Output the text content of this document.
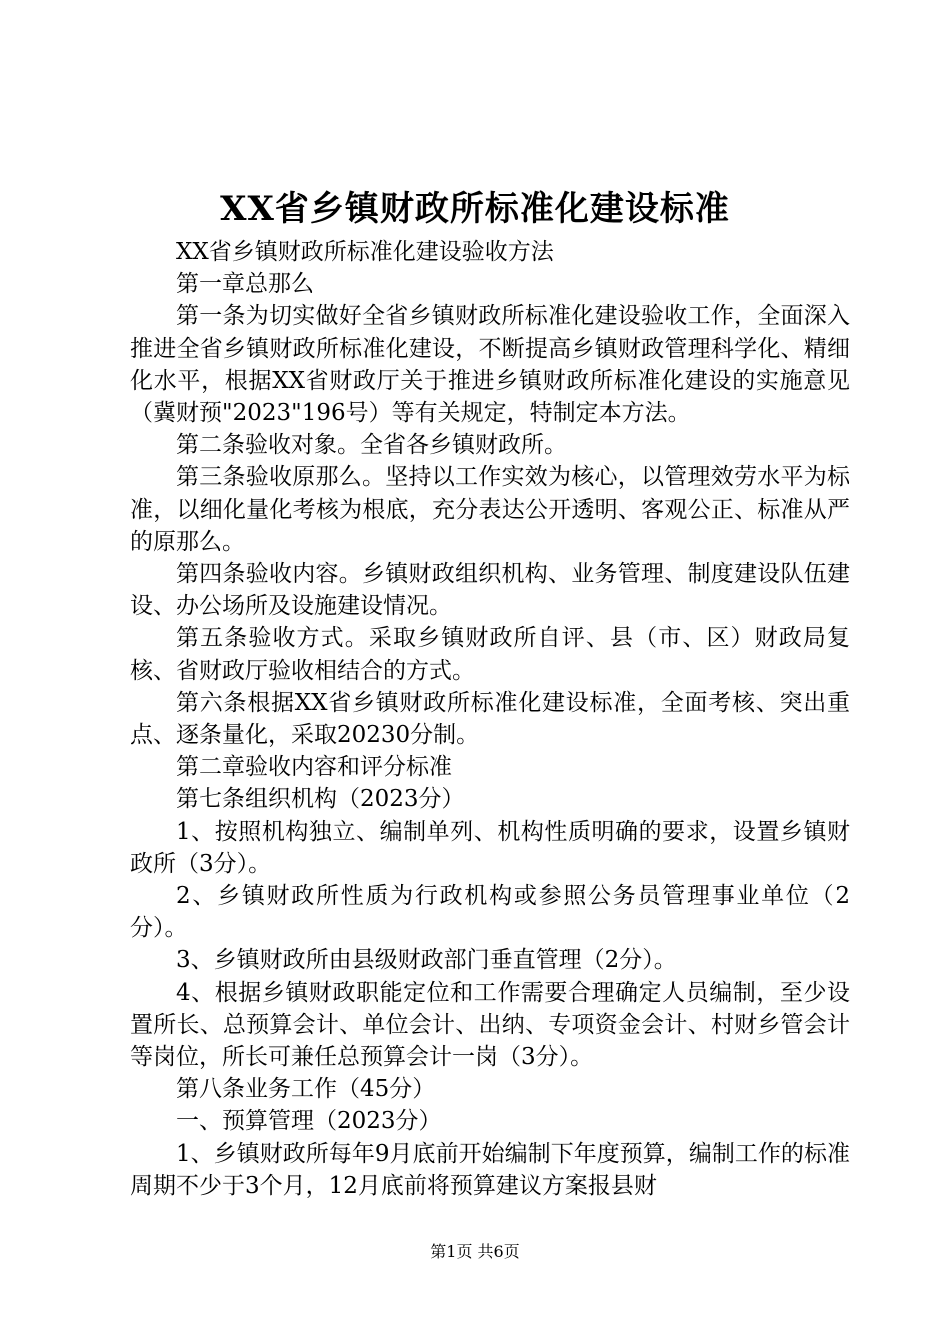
XX省乡镇财政所标准化建设标准

XX省乡镇财政所标准化建设验收方法

第一章总那么

第一条为切实做好全省乡镇财政所标准化建设验收工作，全面深入推进全省乡镇财政所标准化建设，不断提高乡镇财政管理科学化、精细化水平，根据XX省财政厅关于推进乡镇财政所标准化建设的实施意见（冀财预"2023"196号）等有关规定，特制定本方法。

第二条验收对象。全省各乡镇财政所。

第三条验收原那么。坚持以工作实效为核心，以管理效劳水平为标准，以细化量化考核为根底，充分表达公开透明、客观公正、标准从严的原那么。

第四条验收内容。乡镇财政组织机构、业务管理、制度建设队伍建设、办公场所及设施建设情况。

第五条验收方式。采取乡镇财政所自评、县（市、区）财政局复核、省财政厅验收相结合的方式。

第六条根据XX省乡镇财政所标准化建设标准，全面考核、突出重点、逐条量化，采取20230分制。

第二章验收内容和评分标准

第七条组织机构（2023分）

1、按照机构独立、编制单列、机构性质明确的要求，设置乡镇财政所（3分）。

2、乡镇财政所性质为行政机构或参照公务员管理事业单位（2分）。

3、乡镇财政所由县级财政部门垂直管理（2分）。

4、根据乡镇财政职能定位和工作需要合理确定人员编制，至少设置所长、总预算会计、单位会计、出纳、专项资金会计、村财乡管会计等岗位，所长可兼任总预算会计一岗（3分）。

第八条业务工作（45分）

一、预算管理（2023分）

1、乡镇财政所每年9月底前开始编制下年度预算，编制工作的标准周期不少于3个月，12月底前将预算建议方案报县财

第1页 共6页
